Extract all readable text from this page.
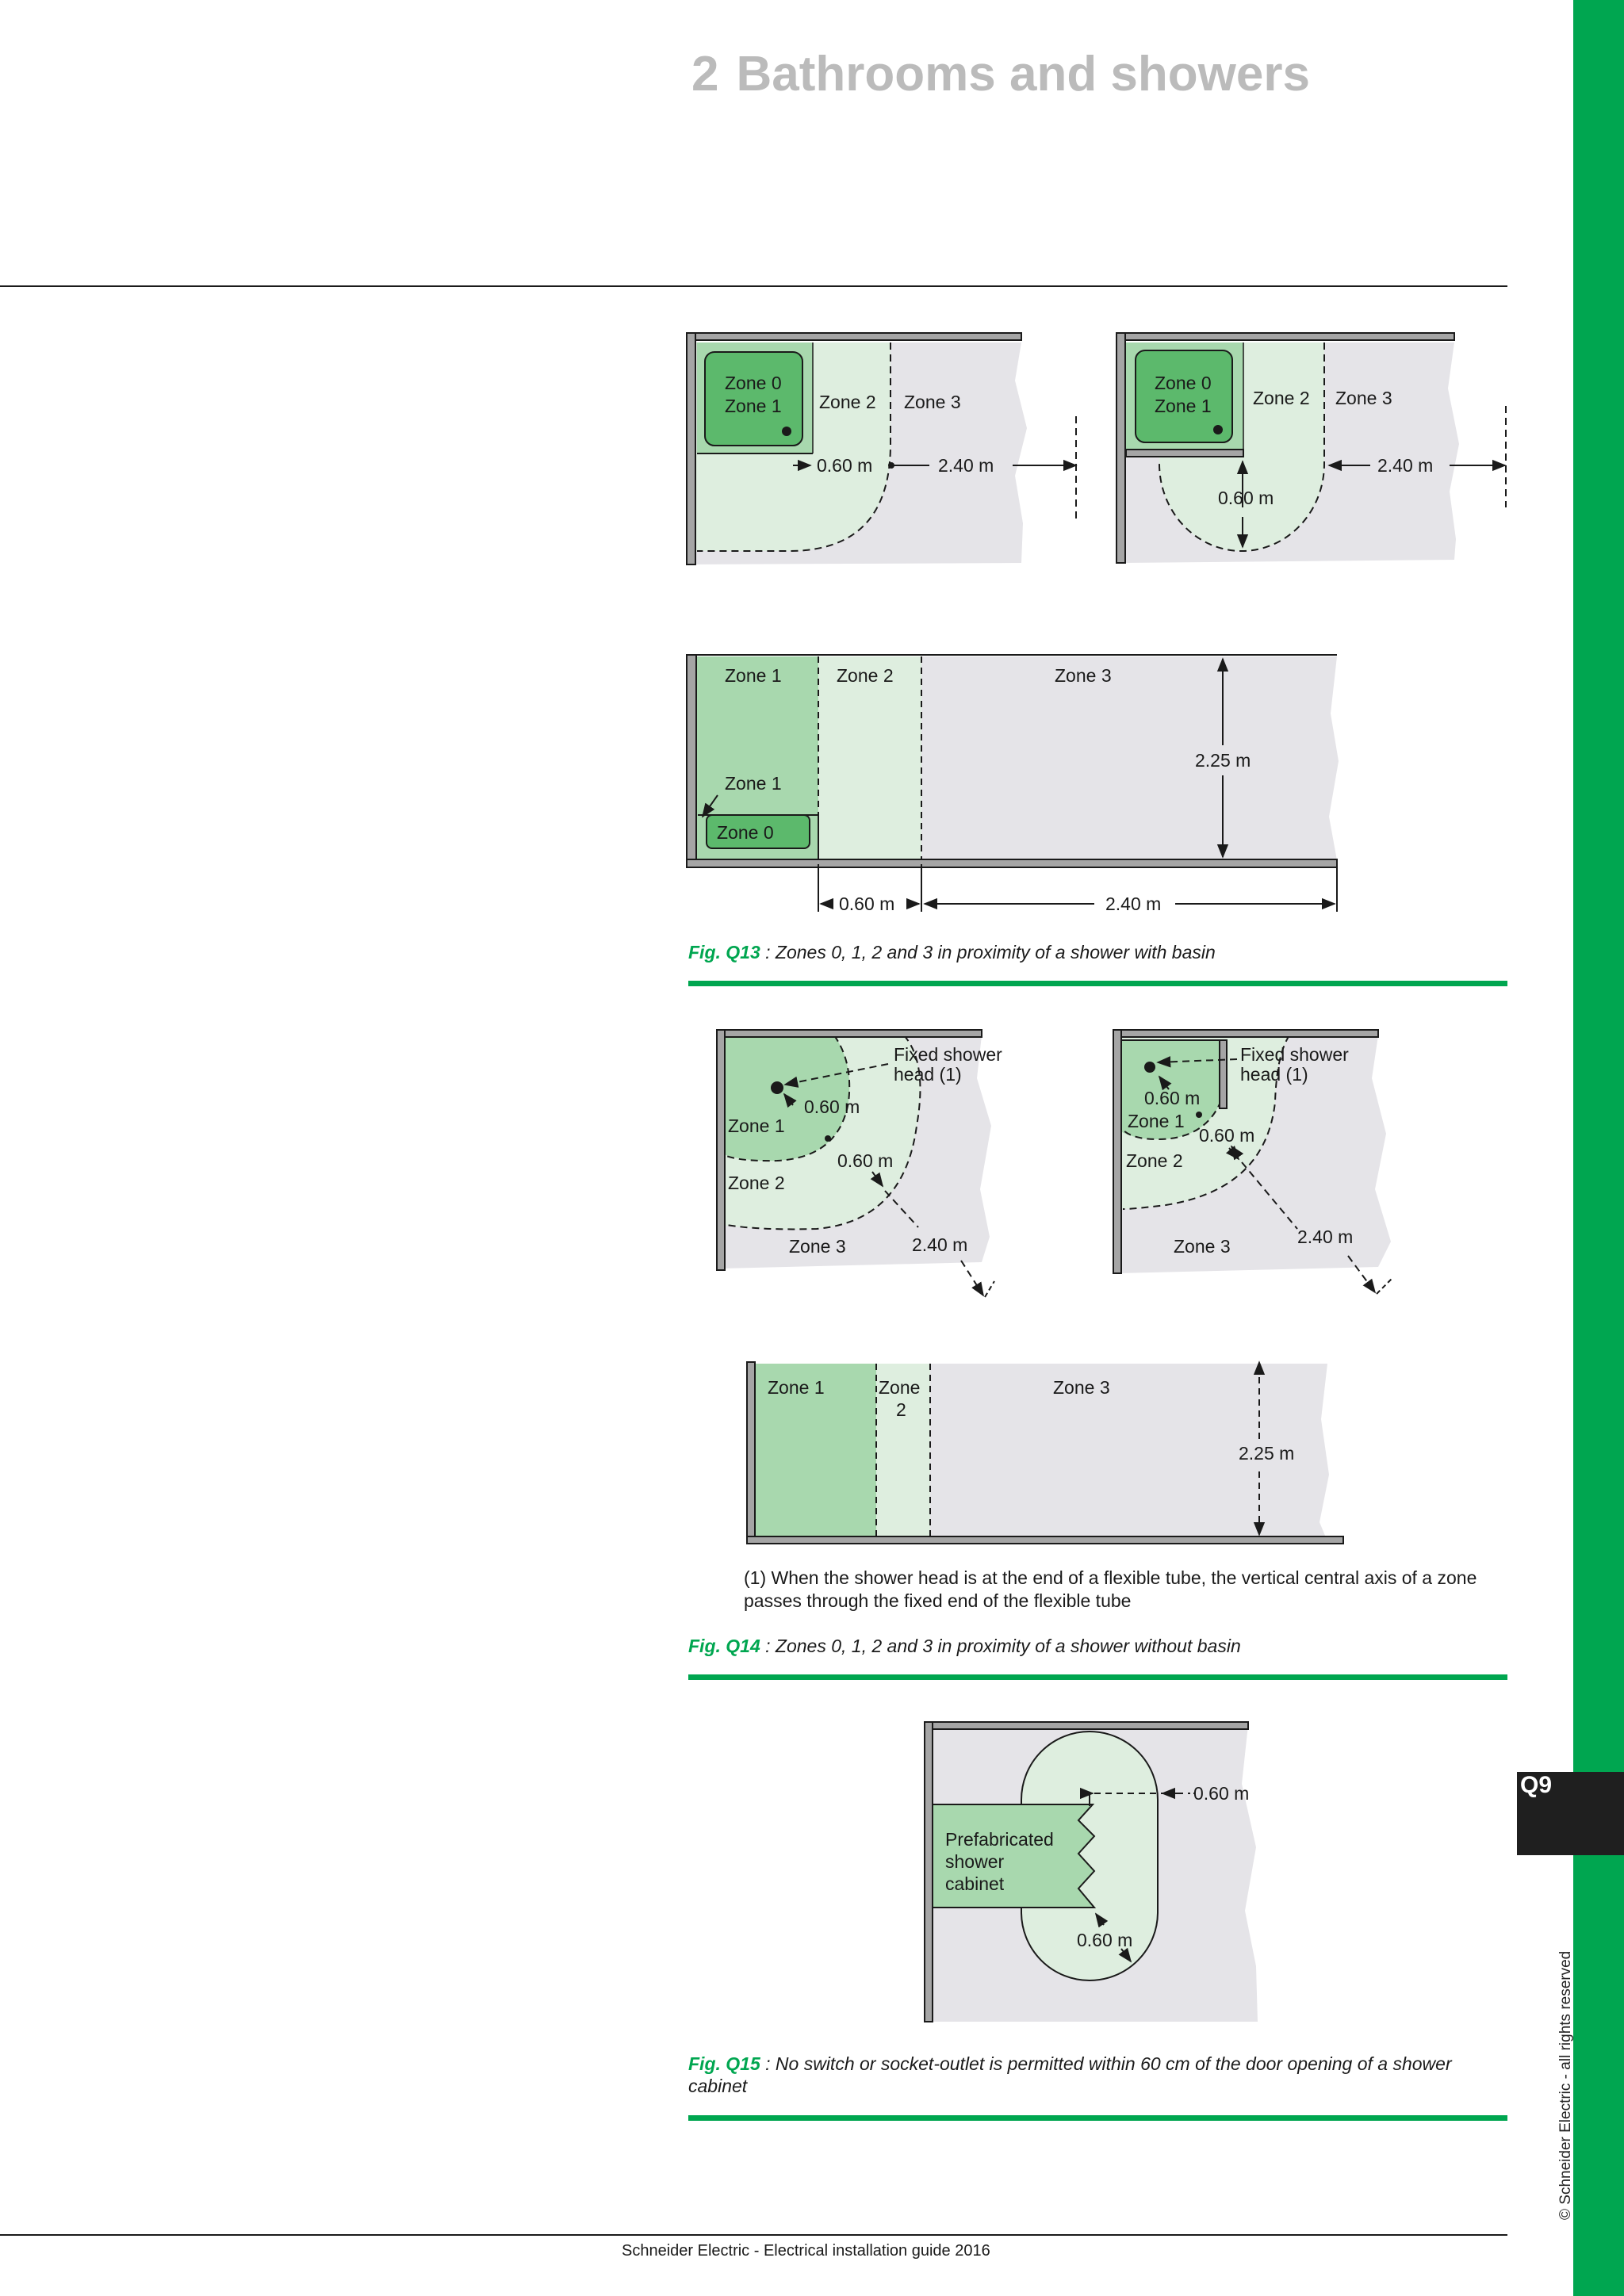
Q9
© Schneider Electric - all rights reserved
2 Bathrooms and showers
Zone 0
Zone 1 Zone 2 Zone 3
0.60 m	2.40 m
Zone 0
Zone 1 Zone 2 Zone 3
0.60 m
2.40 m
Zone 1	Zone 2	Zone 3
Zone 1
Zone 0
2.25 m
0.60 m	2.40 m
Fig. Q13 : Zones 0, 1, 2 and 3 in proximity of a shower with basin
Fixed shower
head (1)
0.60 m
Zone 1
0.60 m
Zone 2
Zone 3	2.40 m
Fixed shower
head (1)
0.60 m
Zone 1
0.60 m
Zone 2
Zone 3	2.40 m
Zone 1	Zone
2
Zone 3
2.25 m
(1) When the shower head is at the end of a flexible tube, the vertical central axis of a zone passes through the fixed end of the flexible tube
Fig. Q14 : Zones 0, 1, 2 and 3 in proximity of a shower without basin
0.60 m
Prefabricated
shower
cabinet
0.60 m
Fig. Q15 : No switch or socket-outlet is permitted within 60 cm of the door opening of a shower cabinet
Schneider Electric - Electrical installation guide 2016
